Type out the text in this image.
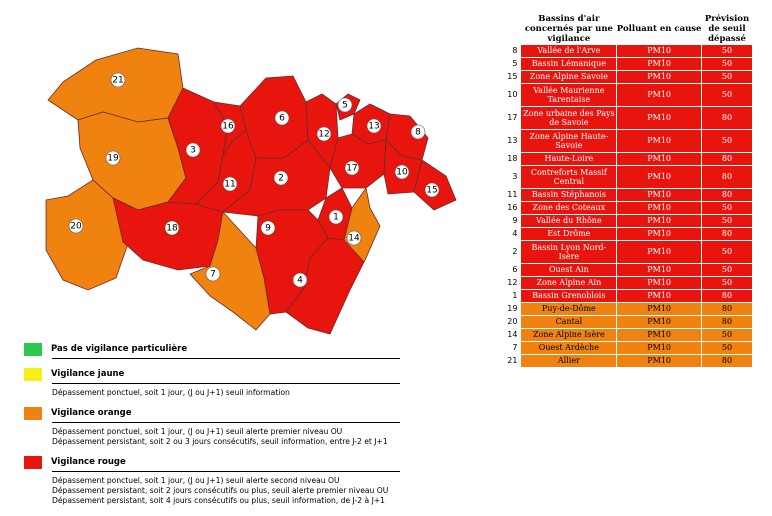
21
19
20	18
3
16
11
6
2
12
5
13
8
17	10
15
1
9
4
7
14
Pas de vigilance particulière
Vigilance jaune
Dépassement ponctuel, soit 1 jour, (J ou J+1) seuil information
Vigilance orange
Dépassement ponctuel, soit 1 jour, (J ou J+1) seuil alerte premier niveau OU
Dépassement persistant, soit 2 ou 3 jours consécutifs, seuil information, entre J-2 et J+1
Vigilance rouge
Dépassement ponctuel, soit 1 jour, (J ou J+1) seuil alerte second niveau OU
Dépassement persistant, soit 2 jours consécutifs ou plus, seuil alerte premier niveau OU
Dépassement persistant, soit 4 jours consécutifs ou plus, seuil information, de J-2 à J+1
	Bassins d'air concernés par une vigilance	Polluant en cause	Prévision de seuil dépassé
8	Vallée de l'Arve	PM10	50
5	Bassin Lémanique	PM10	50
15	Zone Alpine Savoie	PM10	50
10	Vallée Maurienne Tarentaise	PM10	50
17	Zone urbaine des Pays de Savoie	PM10	80
13	Zone Alpine Haute-Savoie	PM10	50
18	Haute-Loire	PM10	80
3	Contreforts Massif Central	PM10	80
11	Bassin Stéphanois	PM10	80
16	Zone des Coteaux	PM10	50
9	Vallée du Rhône	PM10	50
4	Est Drôme	PM10	80
2	Bassin Lyon Nord-Isère	PM10	50
6	Ouest Ain	PM10	50
12	Zone Alpine Ain	PM10	50
1	Bassin Grenoblois	PM10	80
19	Puy-de-Dôme	PM10	80
20	Cantal	PM10	80
14	Zone Alpine Isère	PM10	50
7	Ouest Ardèche	PM10	50
21	Allier	PM10	80
